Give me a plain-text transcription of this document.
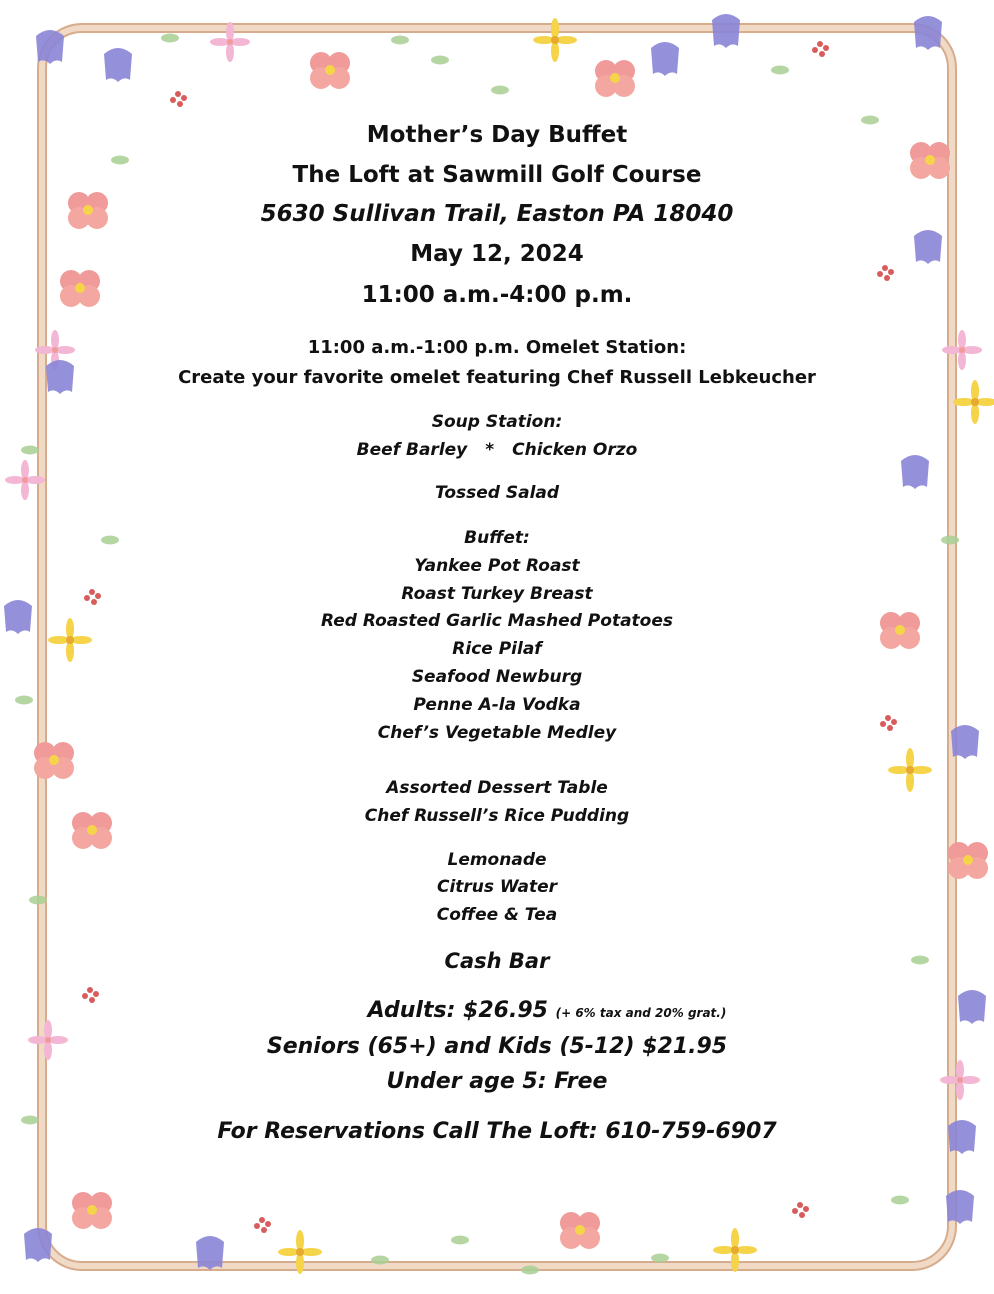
Mother’s Day Buffet
The Loft at Sawmill Golf Course
5630 Sullivan Trail, Easton PA 18040
May 12, 2024
11:00 a.m.-4:00 p.m.
11:00 a.m.-1:00 p.m. Omelet Station:
Create your favorite omelet featuring Chef Russell Lebkeucher
Soup Station:
Beef Barley * Chicken Orzo
Tossed Salad
Buffet:
Yankee Pot Roast
Roast Turkey Breast
Red Roasted Garlic Mashed Potatoes
Rice Pilaf
Seafood Newburg
Penne A-la Vodka
Chef’s Vegetable Medley
Assorted Dessert Table
Chef Russell’s Rice Pudding
Lemonade
Citrus Water
Coffee & Tea
Cash Bar
Adults: $26.95 (+ 6% tax and 20% grat.)
Seniors (65+) and Kids (5-12) $21.95
Under age 5: Free
For Reservations Call The Loft: 610-759-6907
